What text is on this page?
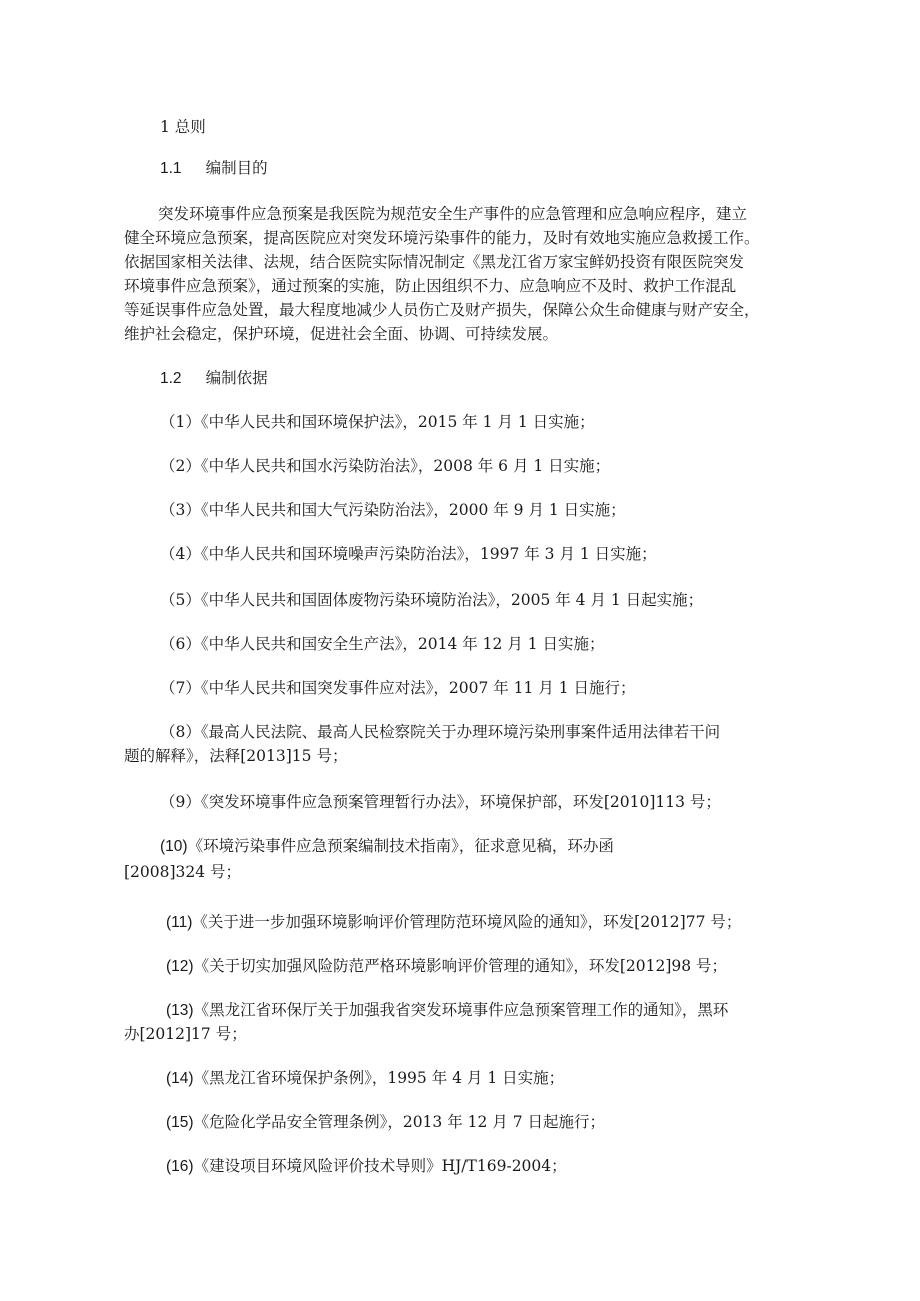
1 总则
1.1 编制目的
突发环境事件应急预案是我医院为规范安全生产事件的应急管理和应急响应程序，建立
健全环境应急预案，提高医院应对突发环境污染事件的能力，及时有效地实施应急救援工作。
依据国家相关法律、法规，结合医院实际情况制定《黑龙江省万家宝鲜奶投资有限医院突发
环境事件应急预案》，通过预案的实施，防止因组织不力、应急响应不及时、救护工作混乱
等延误事件应急处置，最大程度地减少人员伤亡及财产损失，保障公众生命健康与财产安全，
维护社会稳定，保护环境，促进社会全面、协调、可持续发展。
1.2 编制依据
（1）《中华人民共和国环境保护法》，2015 年 1 月 1 日实施；
（2）《中华人民共和国水污染防治法》，2008 年 6 月 1 日实施；
（3）《中华人民共和国大气污染防治法》，2000 年 9 月 1 日实施；
（4）《中华人民共和国环境噪声污染防治法》，1997 年 3 月 1 日实施；
（5）《中华人民共和国固体废物污染环境防治法》，2005 年 4 月 1 日起实施；
（6）《中华人民共和国安全生产法》，2014 年 12 月 1 日实施；
（7）《中华人民共和国突发事件应对法》，2007 年 11 月 1 日施行；
（8）《最高人民法院、最高人民检察院关于办理环境污染刑事案件适用法律若干问
题的解释》，法释[2013]15 号；
（9）《突发环境事件应急预案管理暂行办法》，环境保护部，环发[2010]113 号；
(10)《环境污染事件应急预案编制技术指南》，征求意见稿，环办函
[2008]324 号；
(11)《关于进一步加强环境影响评价管理防范环境风险的通知》，环发[2012]77 号；
(12)《关于切实加强风险防范严格环境影响评价管理的通知》，环发[2012]98 号；
(13)《黑龙江省环保厅关于加强我省突发环境事件应急预案管理工作的通知》，黑环
办[2012]17 号；
(14)《黑龙江省环境保护条例》，1995 年 4 月 1 日实施；
(15)《危险化学品安全管理条例》，2013 年 12 月 7 日起施行；
(16)《建设项目环境风险评价技术导则》HJ/T169-2004；
